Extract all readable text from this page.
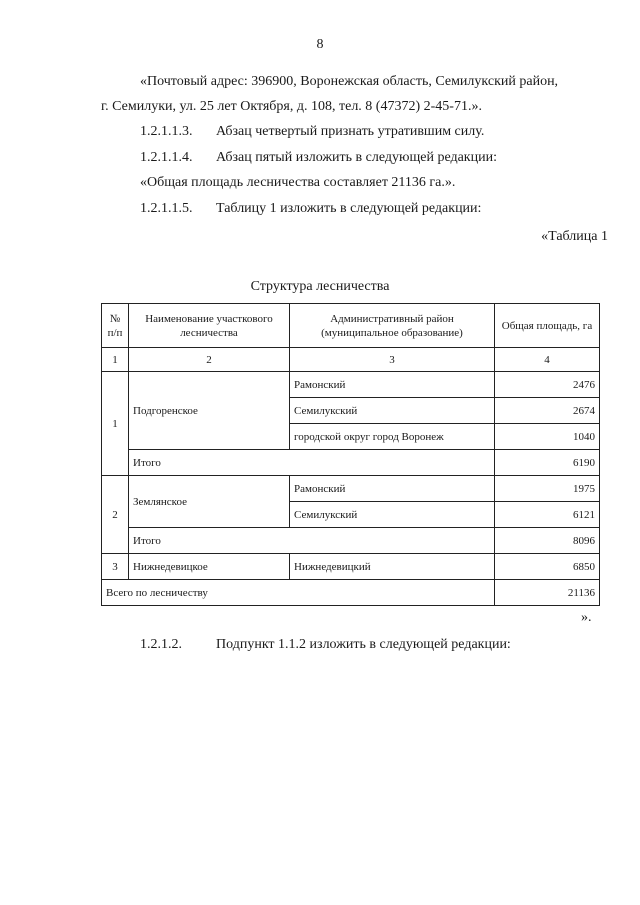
8
«Почтовый адрес: 396900, Воронежская область, Семилукский район,
г. Семилуки, ул. 25 лет Октября, д. 108, тел. 8 (47372) 2-45-71.».
1.2.1.1.3. Абзац четвертый признать утратившим силу.
1.2.1.1.4. Абзац пятый изложить в следующей редакции:
«Общая площадь лесничества составляет 21136 га.».
1.2.1.1.5. Таблицу 1 изложить в следующей редакции:
«Таблица 1
Структура лесничества
№ п/п	Наименование участкового лесничества	Административный район (муниципальное образование)	Общая площадь, га
1	2	3	4
1	Подгоренское	Рамонский	2476
		Семилукский	2674
		городской округ город Воронеж	1040
	Итого		6190
2	Землянское	Рамонский	1975
		Семилукский	6121
	Итого		8096
3	Нижнедевицкое	Нижнедевицкий	6850
Всего по лесничеству			21136
».
1.2.1.2. Подпункт 1.1.2 изложить в следующей редакции:
